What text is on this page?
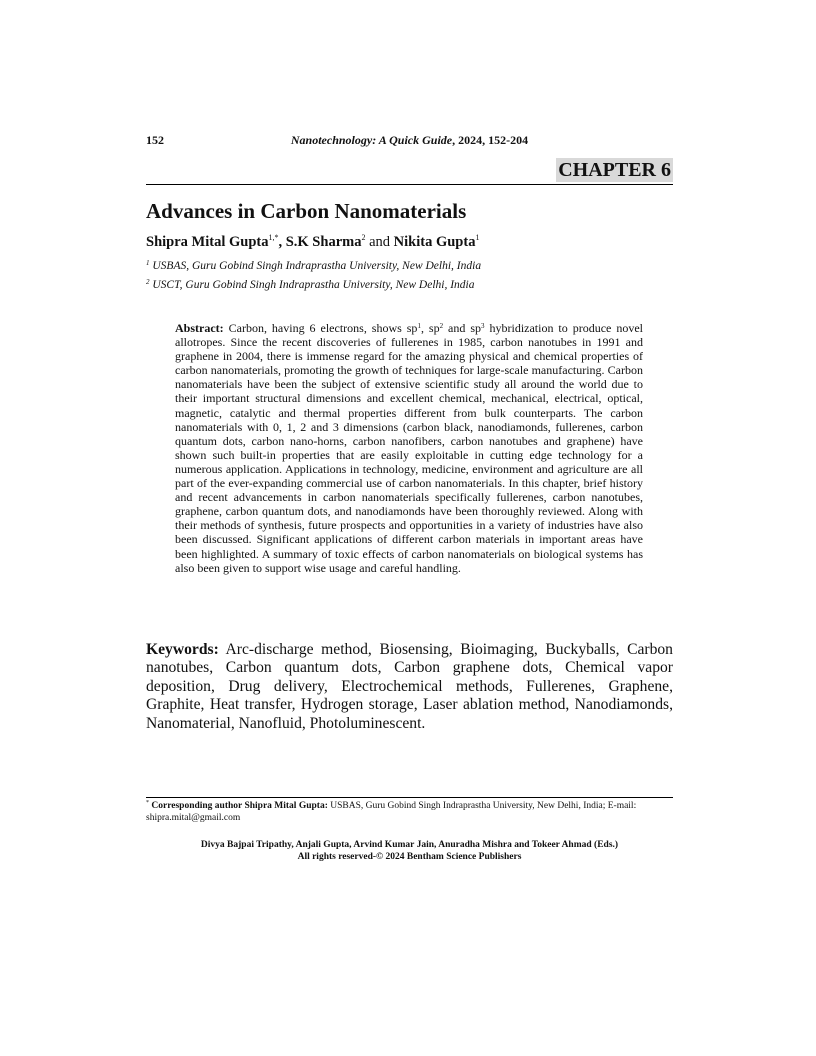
152	Nanotechnology: A Quick Guide, 2024, 152-204
CHAPTER 6
Advances in Carbon Nanomaterials
Shipra Mital Gupta$^{1,*}$, S.K Sharma$^2$ and Nikita Gupta$^1$
$^1$ USBAS, Guru Gobind Singh Indraprastha University, New Delhi, India
$^2$ USCT, Guru Gobind Singh Indraprastha University, New Delhi, India
Abstract: Carbon, having 6 electrons, shows $sp^1$, $sp^2$ and $sp^3$ hybridization to produce novel allotropes. Since the recent discoveries of fullerenes in 1985, carbon nanotubes in 1991 and graphene in 2004, there is immense regard for the amazing physical and chemical properties of carbon nanomaterials, promoting the growth of techniques for large-scale manufacturing. Carbon nanomaterials have been the subject of extensive scientific study all around the world due to their important structural dimensions and excellent chemical, mechanical, electrical, optical, magnetic, catalytic and thermal properties different from bulk counterparts. The carbon nanomaterials with 0, 1, 2 and 3 dimensions (carbon black, nanodiamonds, fullerenes, carbon quantum dots, carbon nano-horns, carbon nanofibers, carbon nanotubes and graphene) have shown such built-in properties that are easily exploitable in cutting edge technology for a numerous application. Applications in technology, medicine, environment and agriculture are all part of the ever-expanding commercial use of carbon nanomaterials. In this chapter, brief history and recent advancements in carbon nanomaterials specifically fullerenes, carbon nanotubes, graphene, carbon quantum dots, and nanodiamonds have been thoroughly reviewed. Along with their methods of synthesis, future prospects and opportunities in a variety of industries have also been discussed. Significant applications of different carbon materials in important areas have been highlighted. A summary of toxic effects of carbon nanomaterials on biological systems has also been given to support wise usage and careful handling.
Keywords: Arc-discharge method, Biosensing, Bioimaging, Buckyballs, Carbon nanotubes, Carbon quantum dots, Carbon graphene dots, Chemical vapor deposition, Drug delivery, Electrochemical methods, Fullerenes, Graphene, Graphite, Heat transfer, Hydrogen storage, Laser ablation method, Nanodiamonds, Nanomaterial, Nanofluid, Photoluminescent.
* Corresponding author Shipra Mital Gupta: USBAS, Guru Gobind Singh Indraprastha University, New Delhi, India; E-mail: shipra.mital@gmail.com
Divya Bajpai Tripathy, Anjali Gupta, Arvind Kumar Jain, Anuradha Mishra and Tokeer Ahmad (Eds.)
All rights reserved-© 2024 Bentham Science Publishers
